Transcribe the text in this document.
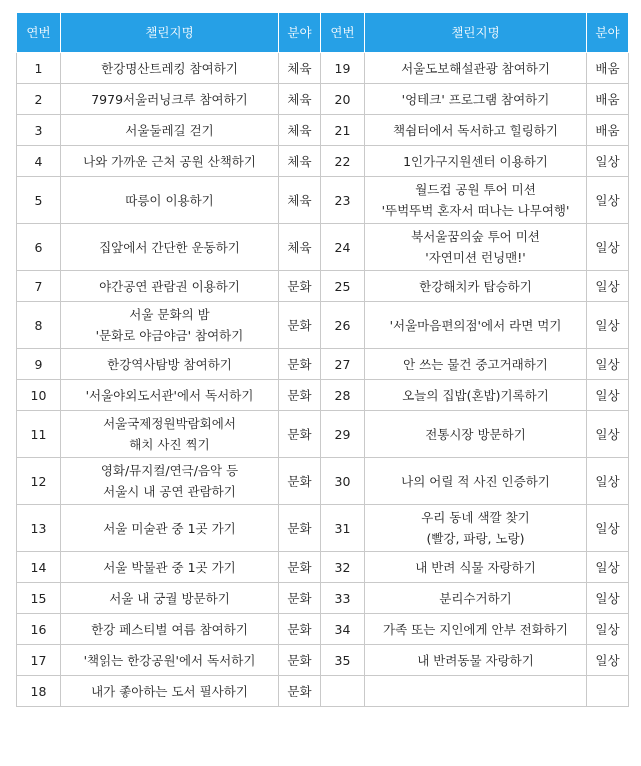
연번	챌린지명	분야	연번	챌린지명	분야
1	한강명산트레킹 참여하기	체육	19	서울도보해설관광 참여하기	배움
2	7979서울러닝크루 참여하기	체육	20	'엉테크' 프로그램 참여하기	배움
3	서울둘레길 걷기	체육	21	책쉼터에서 독서하고 힐링하기	배움
4	나와 가까운 근처 공원 산책하기	체육	22	1인가구지원센터 이용하기	일상
5	따릉이 이용하기	체육	23	월드컵 공원 투어 미션
'뚜벅뚜벅 혼자서 떠나는 나무여행'	일상
6	집앞에서 간단한 운동하기	체육	24	북서울꿈의숲 투어 미션
'자연미션 런닝맨!'	일상
7	야간공연 관람권 이용하기	문화	25	한강해치카 탑승하기	일상
8	서울 문화의 밤
'문화로 야금야금' 참여하기	문화	26	'서울마음편의점'에서 라면 먹기	일상
9	한강역사탐방 참여하기	문화	27	안 쓰는 물건 중고거래하기	일상
10	'서울야외도서관'에서 독서하기	문화	28	오늘의 집밥(혼밥)기록하기	일상
11	서울국제정원박람회에서
해치 사진 찍기	문화	29	전통시장 방문하기	일상
12	영화/뮤지컬/연극/음악 등
서울시 내 공연 관람하기	문화	30	나의 어릴 적 사진 인증하기	일상
13	서울 미술관 중 1곳 가기	문화	31	우리 동네 색깔 찾기
(빨강, 파랑, 노랑)	일상
14	서울 박물관 중 1곳 가기	문화	32	내 반려 식물 자랑하기	일상
15	서울 내 궁궐 방문하기	문화	33	분리수거하기	일상
16	한강 페스티벌 여름 참여하기	문화	34	가족 또는 지인에게 안부 전화하기	일상
17	'책읽는 한강공원'에서 독서하기	문화	35	내 반려동물 자랑하기	일상
18	내가 좋아하는 도서 필사하기	문화		
